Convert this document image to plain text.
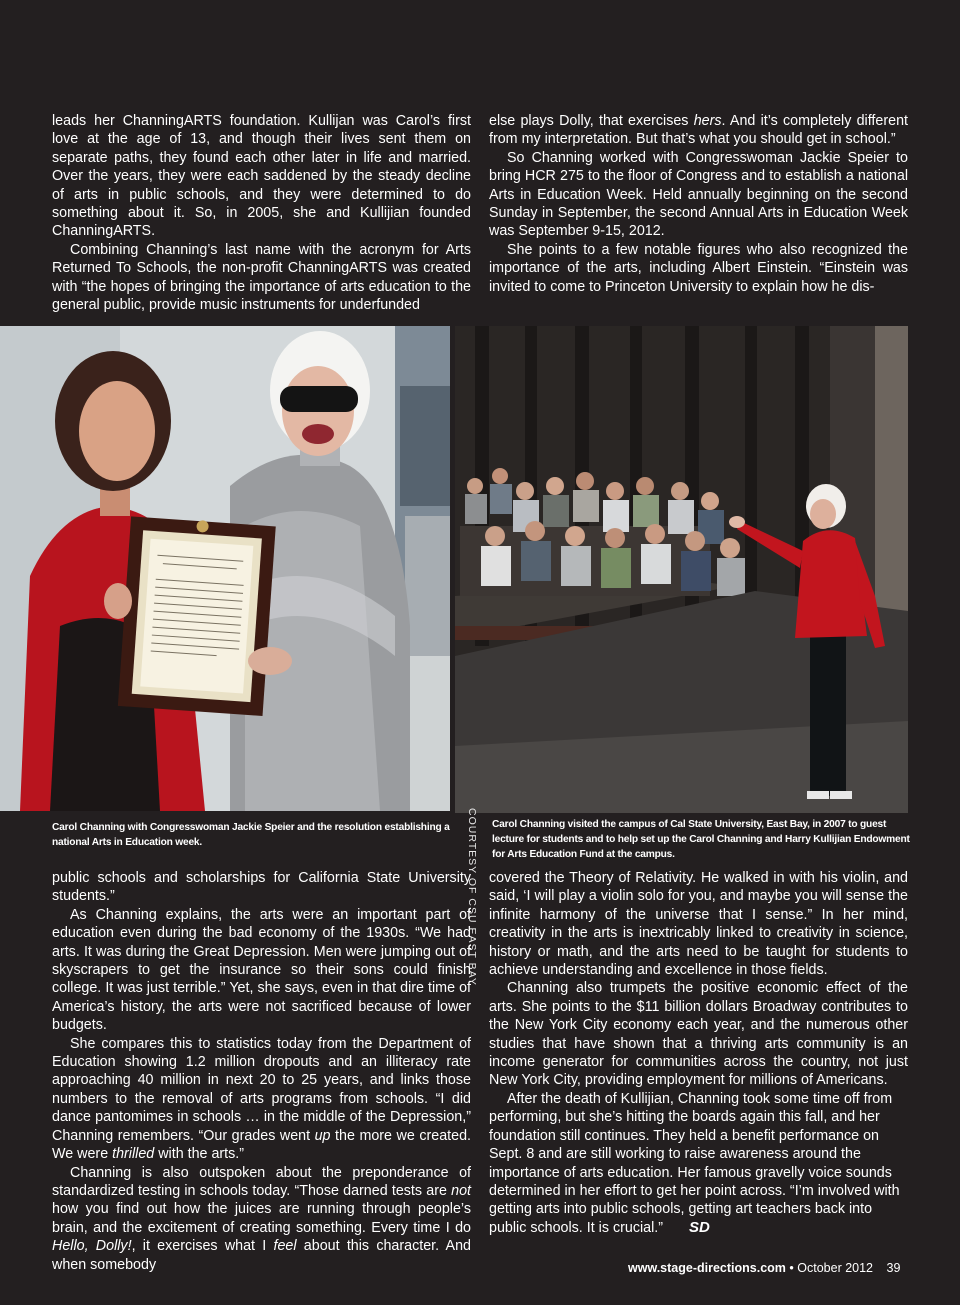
leads her ChanningARTS foundation. Kullijan was Carol’s first love at the age of 13, and though their lives sent them on separate paths, they found each other later in life and married. Over the years, they were each saddened by the steady decline of arts in public schools, and they were determined to do something about it. So, in 2005, she and Kullijian founded ChanningARTS.

Combining Channing’s last name with the acronym for Arts Returned To Schools, the non-profit ChanningARTS was created with “the hopes of bringing the importance of arts education to the general public, provide music instruments for underfunded

else plays Dolly, that exercises hers. And it’s completely different from my interpretation. But that’s what you should get in school.”

So Channing worked with Congresswoman Jackie Speier to bring HCR 275 to the floor of Congress and to establish a national Arts in Education Week. Held annually beginning on the second Sunday in September, the second Annual Arts in Education Week was September 9-15, 2012.

She points to a few notable figures who also recognized the importance of the arts, including Albert Einstein. “Einstein was invited to come to Princeton University to explain how he dis-

COURTESY OF CSU EAST BAY

Carol Channing with Congresswoman Jackie Speier and the resolution establishing a national Arts in Education week.

Carol Channing visited the campus of Cal State University, East Bay, in 2007 to guest lecture for students and to help set up the Carol Channing and Harry Kullijian Endowment for Arts Education Fund at the campus.

public schools and scholarships for California State University students.”

As Channing explains, the arts were an important part of education even during the bad economy of the 1930s. “We had arts. It was during the Great Depression. Men were jumping out of skyscrapers to get the insurance so their sons could finish college. It was just terrible.” Yet, she says, even in that dire time of America’s history, the arts were not sacrificed because of lower budgets.

She compares this to statistics today from the Department of Education showing 1.2 million dropouts and an illiteracy rate approaching 40 million in next 20 to 25 years, and links those numbers to the removal of arts programs from schools. “I did dance pantomimes in schools … in the middle of the Depression,” Channing remembers. “Our grades went up the more we created. We were thrilled with the arts.”

Channing is also outspoken about the preponderance of standardized testing in schools today. “Those darned tests are not how you find out how the juices are running through people’s brain, and the excitement of creating something. Every time I do Hello, Dolly!, it exercises what I feel about this character. And when somebody

covered the Theory of Relativity. He walked in with his violin, and said, ‘I will play a violin solo for you, and maybe you will sense the infinite harmony of the universe that I sense.” In her mind, creativity in the arts is inextricably linked to creativity in science, history or math, and the arts need to be taught for students to achieve understanding and excellence in those fields.

Channing also trumpets the positive economic effect of the arts. She points to the $11 billion dollars Broadway contributes to the New York City economy each year, and the numerous other studies that have shown that a thriving arts community is an income generator for communities across the country, not just New York City, providing employment for millions of Americans.

After the death of Kullijian, Channing took some time off from performing, but she’s hitting the boards again this fall, and her foundation still continues. They held a benefit performance on Sept. 8 and are still working to raise awareness around the importance of arts education. Her famous gravelly voice sounds determined in her effort to get her point across. “I’m involved with getting arts into public schools, getting art teachers back into public schools. It is crucial.” SD

www.stage-directions.com • October 2012 39
